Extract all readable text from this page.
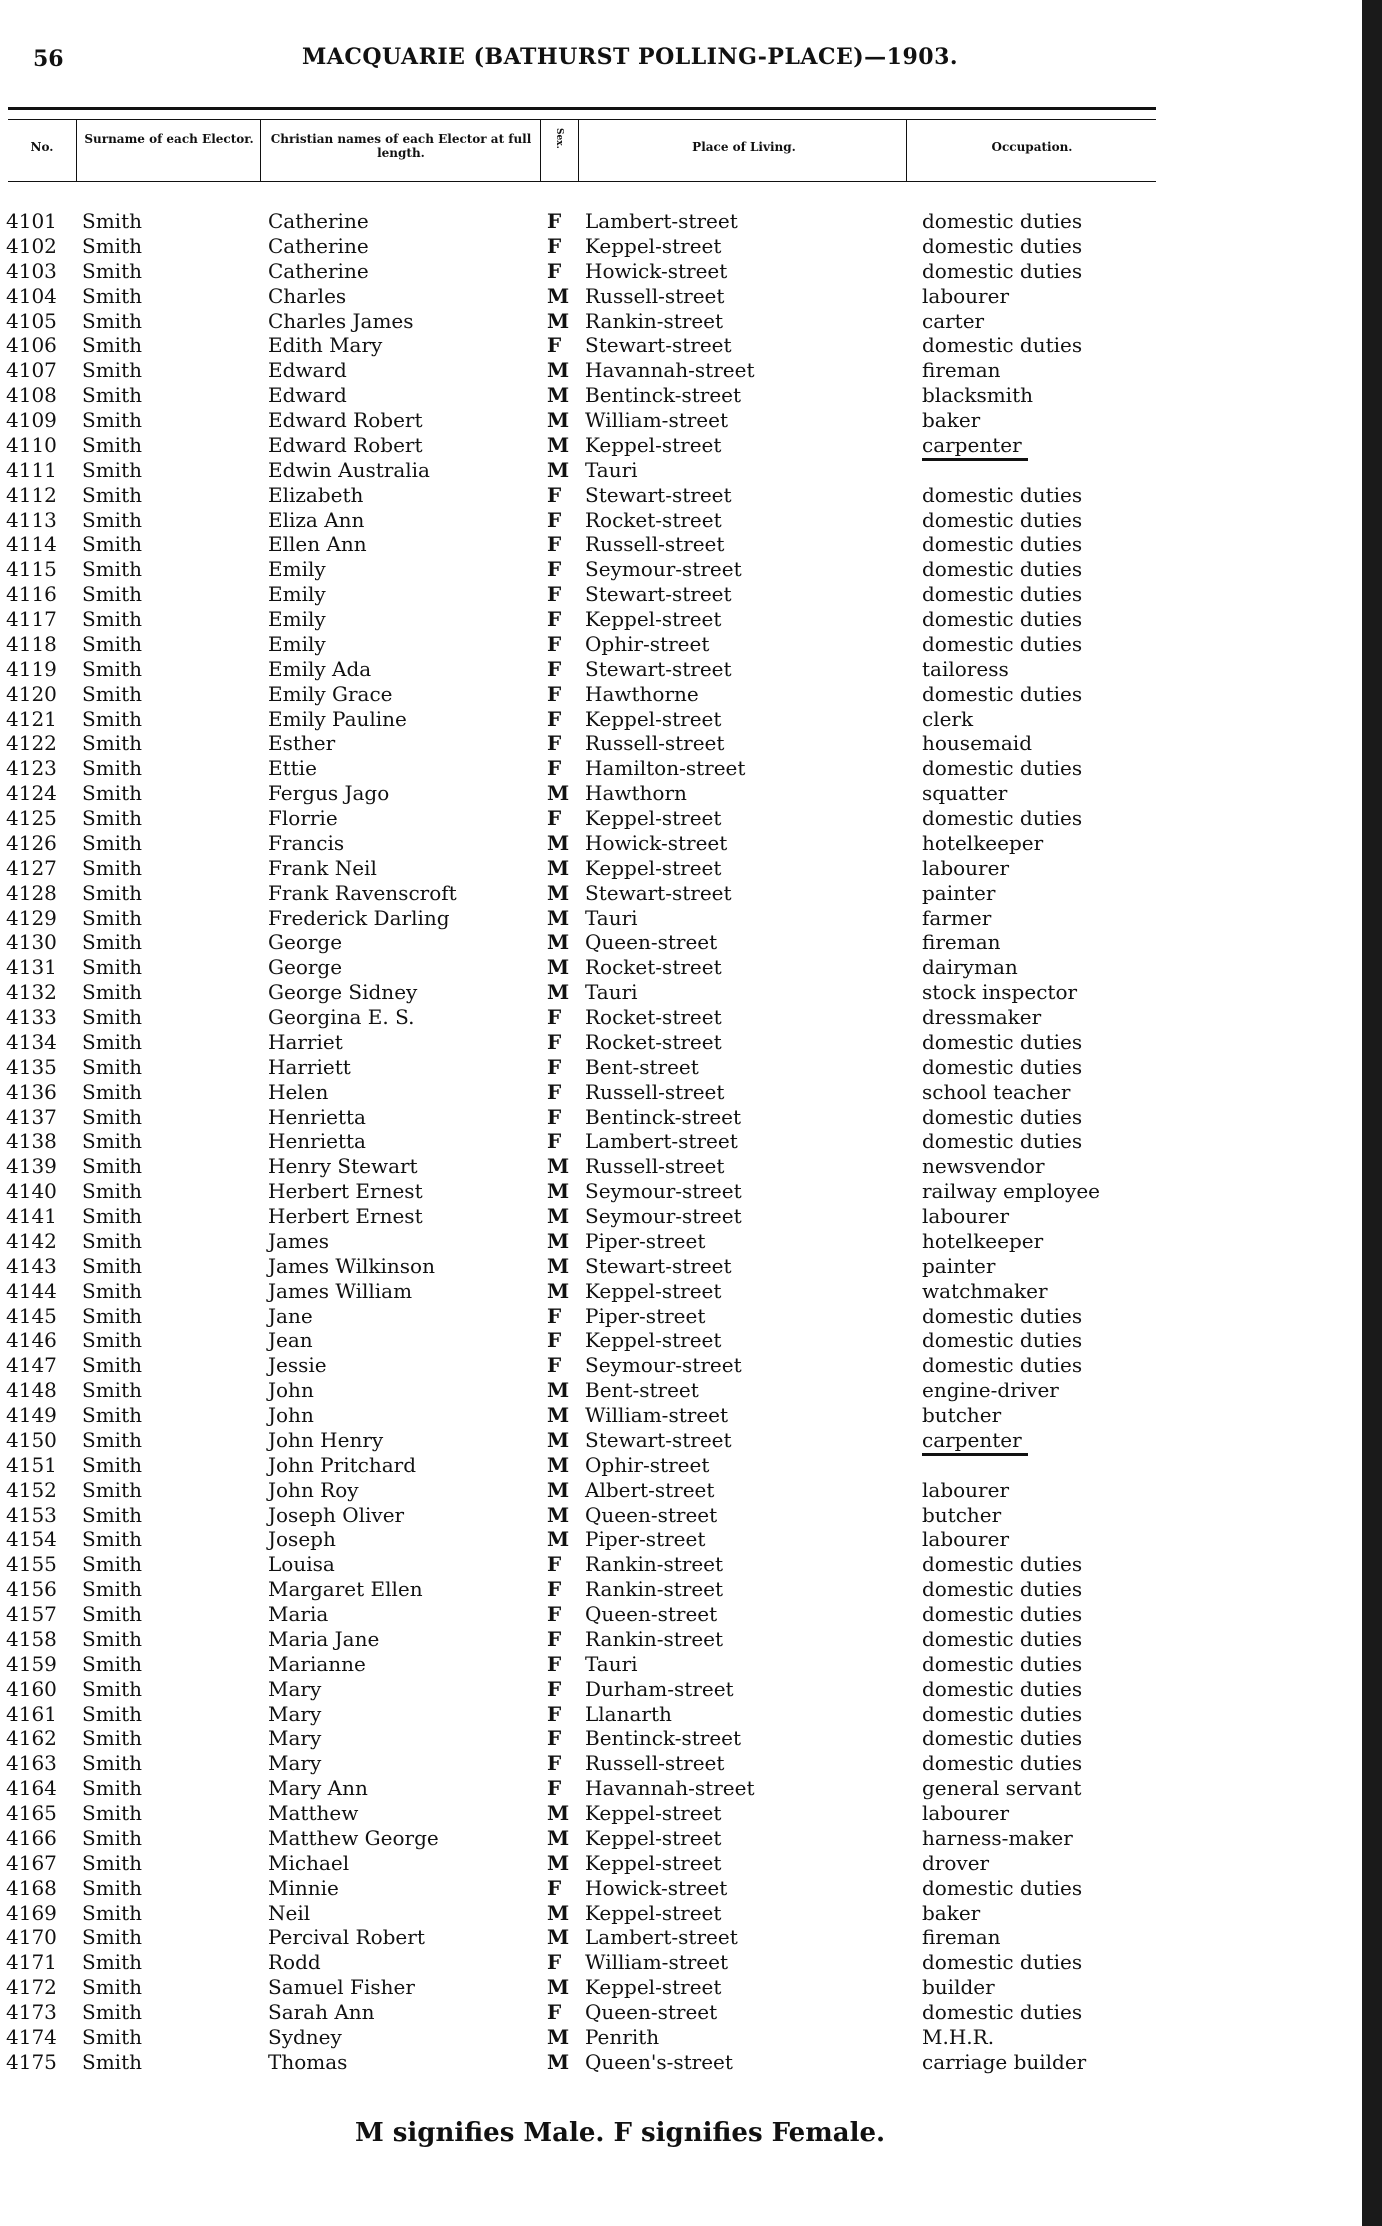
56	MACQUARIE (BATHURST POLLING-PLACE)—1903.
No.
Surname of each Elector. Christian names of each Elector at full length.
Sex.	Place of Living.	Occupation.
4101 Smith	Catherine	F Lambert-street	domestic duties
4102 Smith	Catherine	F Keppel-street	domestic duties
4103 Smith	Catherine	F Howick-street	domestic duties
4104 Smith	Charles	M Russell-street	labourer
4105 Smith	Charles James	M Rankin-street	carter
4106 Smith	Edith Mary	F Stewart-street	domestic duties
4107 Smith	Edward	M Havannah-street	fireman
4108 Smith	Edward	M Bentinck-street	blacksmith
4109 Smith	Edward Robert	M William-street	baker
4110 Smith	Edward Robert	M Keppel-street	carpenter
4111 Smith	Edwin Australia	M Tauri
4112 Smith	Elizabeth	F Stewart-street	domestic duties
4113 Smith	Eliza Ann	F Rocket-street	domestic duties
4114 Smith	Ellen Ann	F Russell-street	domestic duties
4115 Smith	Emily	F Seymour-street	domestic duties
4116 Smith	Emily	F Stewart-street	domestic duties
4117 Smith	Emily	F Keppel-street	domestic duties
4118 Smith	Emily	F Ophir-street	domestic duties
4119 Smith	Emily Ada	F Stewart-street	tailoress
4120 Smith	Emily Grace	F Hawthorne	domestic duties
4121 Smith	Emily Pauline	F Keppel-street	clerk
4122 Smith	Esther	F Russell-street	housemaid
4123 Smith	Ettie	F Hamilton-street	domestic duties
4124 Smith	Fergus Jago	M Hawthorn	squatter
4125 Smith	Florrie	F Keppel-street	domestic duties
4126 Smith	Francis	M Howick-street	hotelkeeper
4127 Smith	Frank Neil	M Keppel-street	labourer
4128 Smith	Frank Ravenscroft	M Stewart-street	painter
4129 Smith	Frederick Darling	M Tauri	farmer
4130 Smith	George	M Queen-street	fireman
4131 Smith	George	M Rocket-street	dairyman
4132 Smith	George Sidney	M Tauri	stock inspector
4133 Smith	Georgina E. S.	F Rocket-street	dressmaker
4134 Smith	Harriet	F Rocket-street	domestic duties
4135 Smith	Harriett	F Bent-street	domestic duties
4136 Smith	Helen	F Russell-street	school teacher
4137 Smith	Henrietta	F Bentinck-street	domestic duties
4138 Smith	Henrietta	F Lambert-street	domestic duties
4139 Smith	Henry Stewart	M Russell-street	newsvendor
4140 Smith	Herbert Ernest	M Seymour-street	railway employee
4141 Smith	Herbert Ernest	M Seymour-street	labourer
4142 Smith	James	M Piper-street	hotelkeeper
4143 Smith	James Wilkinson	M Stewart-street	painter
4144 Smith	James William	M Keppel-street	watchmaker
4145 Smith	Jane	F Piper-street	domestic duties
4146 Smith	Jean	F Keppel-street	domestic duties
4147 Smith	Jessie	F Seymour-street	domestic duties
4148 Smith	John	M Bent-street	engine-driver
4149 Smith	John	M William-street	butcher
4150 Smith	John Henry	M Stewart-street	carpenter
4151 Smith	John Pritchard	M Ophir-street
4152 Smith	John Roy	M Albert-street	labourer
4153 Smith	Joseph Oliver	M Queen-street	butcher
4154 Smith	Joseph	M Piper-street	labourer
4155 Smith	Louisa	F Rankin-street	domestic duties
4156 Smith	Margaret Ellen	F Rankin-street	domestic duties
4157 Smith	Maria	F Queen-street	domestic duties
4158 Smith	Maria Jane	F Rankin-street	domestic duties
4159 Smith	Marianne	F Tauri	domestic duties
4160 Smith	Mary	F Durham-street	domestic duties
4161 Smith	Mary	F Llanarth	domestic duties
4162 Smith	Mary	F Bentinck-street	domestic duties
4163 Smith	Mary	F Russell-street	domestic duties
4164 Smith	Mary Ann	F Havannah-street	general servant
4165 Smith	Matthew	M Keppel-street	labourer
4166 Smith	Matthew George	M Keppel-street	harness-maker
4167 Smith	Michael	M Keppel-street	drover
4168 Smith	Minnie	F Howick-street	domestic duties
4169 Smith	Neil	M Keppel-street	baker
4170 Smith	Percival Robert	M Lambert-street	fireman
4171 Smith	Rodd	F William-street	domestic duties
4172 Smith	Samuel Fisher	M Keppel-street	builder
4173 Smith	Sarah Ann	F Queen-street	domestic duties
4174 Smith	Sydney	M Penrith	M.H.R.
4175 Smith	Thomas	M Queen's-street	carriage builder
M signifies Male. F signifies Female.
